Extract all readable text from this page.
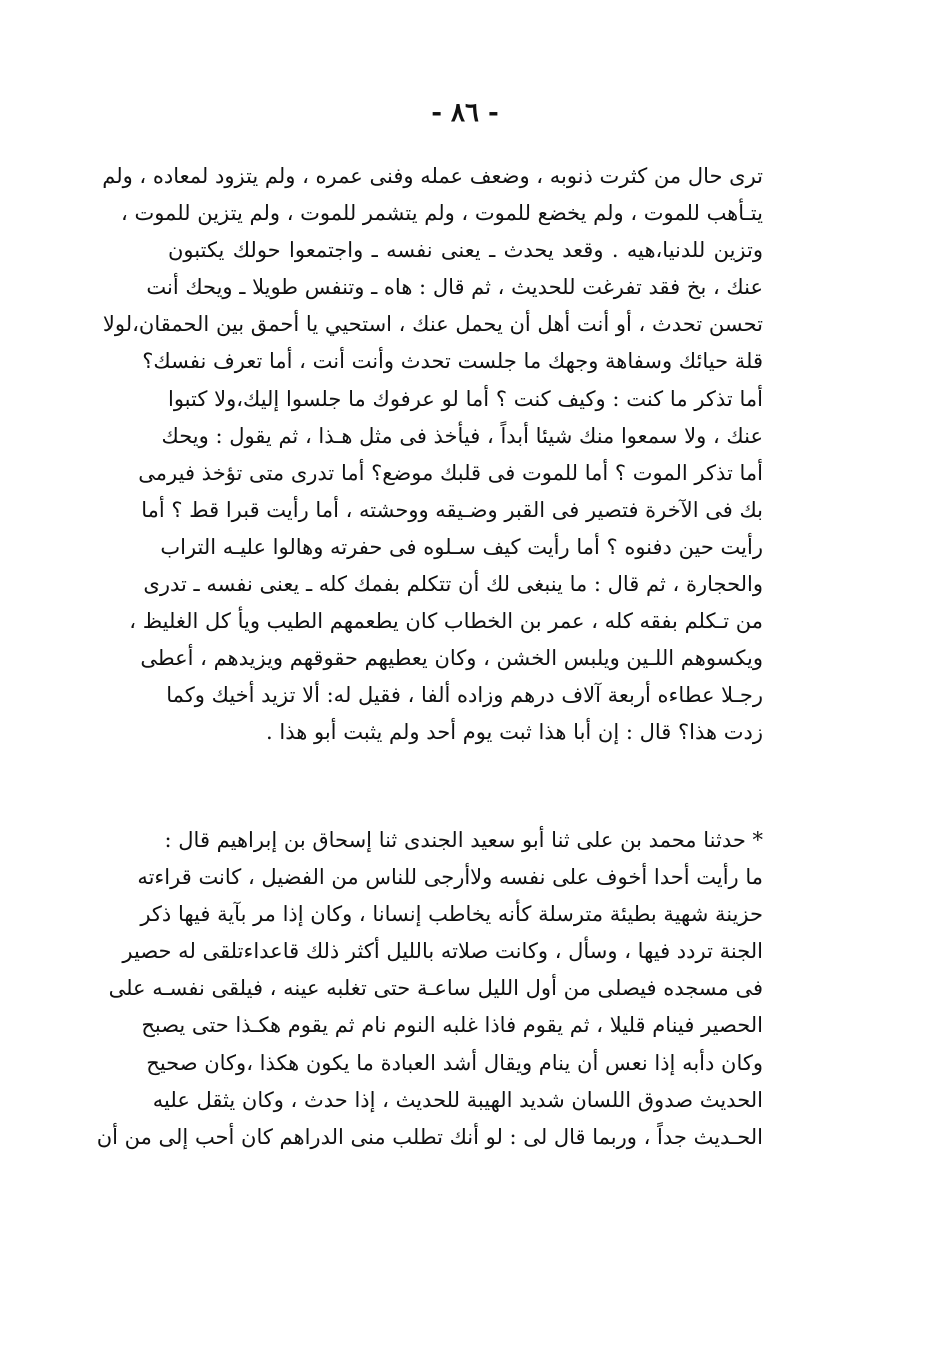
- ٨٦ -
ترى حال من كثرت ذنوبه ، وضعف عمله وفنى عمره ، ولم يتزود لمعاده ، ولم
يتـأهب للموت ، ولم يخضع للموت ، ولم يتشمر للموت ، ولم يتزين للموت ،
وتزين للدنيا،هيه . وقعد يحدث ـ يعنى نفسه ـ واجتمعوا حولك يكتبون
عنك ، بخ فقد تفرغت للحديث ، ثم قال : هاه ـ وتنفس طويلا ـ ويحك أنت
تحسن تحدث ، أو أنت أهل أن يحمل عنك ، استحيي يا أحمق بين الحمقان،لولا
قلة حيائك وسفاهة وجهك ما جلست تحدث وأنت أنت ، أما تعرف نفسك؟
أما تذكر ما كنت : وكيف كنت ؟ أما لو عرفوك ما جلسوا إليك،ولا كتبوا
عنك ، ولا سمعوا منك شيئا أبداً ، فيأخذ فى مثل هـذا ، ثم يقول : ويحك
أما تذكر الموت ؟ أما للموت فى قلبك موضع؟ أما تدرى متى تؤخذ فيرمى
بك فى الآخرة فتصير فى القبر وضـيقه ووحشته ، أما رأيت قبرا قط ؟ أما
رأيت حين دفنوه ؟ أما رأيت كيف سـلوه فى حفرته وهالوا عليـه التراب
والحجارة ، ثم قال : ما ينبغى لك أن تتكلم بفمك كله ـ يعنى نفسه ـ تدرى
من تـكلم بفقه كله ، عمر بن الخطاب كان يطعمهم الطيب ويأ كل الغليظ ،
ويكسوهم اللـين ويلبس الخشن ، وكان يعطيهم حقوقهم ويزيدهم ، أعطى
رجـلا عطاءه أربعة آلاف درهم وزاده ألفا ، فقيل له: ألا تزيد أخيك وكما
زدت هذا؟ قال : إن أبا هذا ثبت يوم أحد ولم يثبت أبو هذا .
* حدثنا محمد بن على ثنا أبو سعيد الجندى ثنا إسحاق بن إبراهيم قال :
ما رأيت أحدا أخوف على نفسه ولاأرجى للناس من الفضيل ، كانت قراءته
حزينة شهية بطيئة مترسلة كأنه يخاطب إنسانا ، وكان إذا مر بآية فيها ذكر
الجنة تردد فيها ، وسأل ، وكانت صلاته بالليل أكثر ذلك قاعداءتلقى له حصير
فى مسجده فيصلى من أول الليل ساعـة حتى تغلبه عينه ، فيلقى نفسـه على
الحصير فينام قليلا ، ثم يقوم فاذا غلبه النوم نام ثم يقوم هكـذا حتى يصبح
وكان دأبه إذا نعس أن ينام ويقال أشد العبادة ما يكون هكذا ،وكان صحيح
الحديث صدوق اللسان شديد الهيبة للحديث ، إذا حدث ، وكان يثقل عليه
الحـديث جداً ، وربما قال لى : لو أنك تطلب منى الدراهم كان أحب إلى من أن
